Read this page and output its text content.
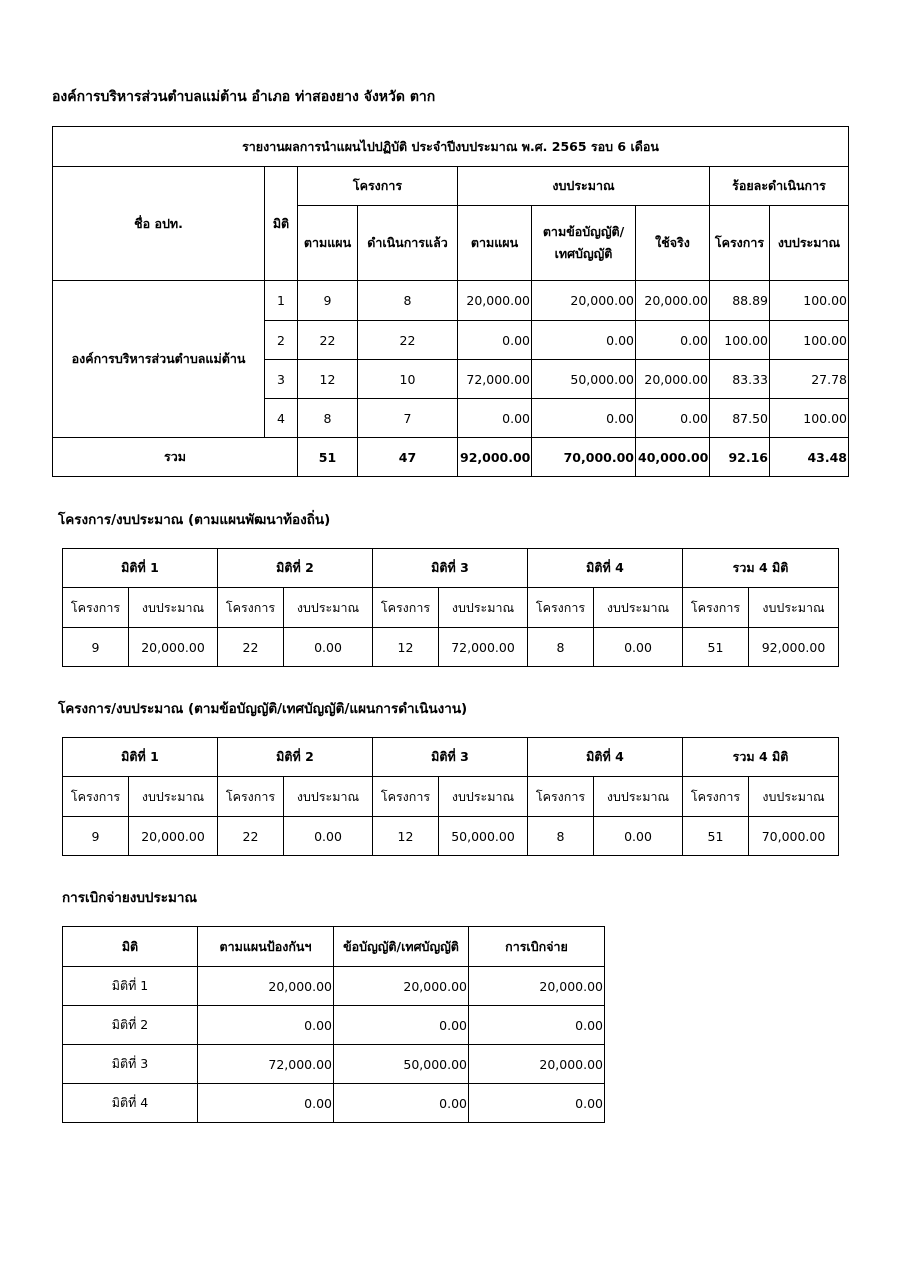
องค์การบริหารส่วนตำบลแม่ต้าน อำเภอ ท่าสองยาง จังหวัด ตาก
รายงานผลการนำแผนไปปฏิบัติ ประจำปีงบประมาณ พ.ศ. 2565 รอบ 6 เดือน								
ชื่อ อปท.	มิติ	โครงการ		งบประมาณ			ร้อยละดำเนินการ	
		ตามแผน	ดำเนินการแล้ว	ตามแผน	ตามข้อบัญญัติ/เทศบัญญัติ	ใช้จริง	โครงการ	งบประมาณ
องค์การบริหารส่วนตำบลแม่ต้าน	1	9	8	20,000.00	20,000.00	20,000.00	88.89	100.00
	2	22	22	0.00	0.00	0.00	100.00	100.00
	3	12	10	72,000.00	50,000.00	20,000.00	83.33	27.78
	4	8	7	0.00	0.00	0.00	87.50	100.00
รวม		51	47	92,000.00	70,000.00	40,000.00	92.16	43.48
โครงการ/งบประมาณ (ตามแผนพัฒนาท้องถิ่น)
มิติที่ 1		มิติที่ 2		มิติที่ 3		มิติที่ 4		รวม 4 มิติ	
โครงการ	งบประมาณ	โครงการ	งบประมาณ	โครงการ	งบประมาณ	โครงการ	งบประมาณ	โครงการ	งบประมาณ
9	20,000.00	22	0.00	12	72,000.00	8	0.00	51	92,000.00
โครงการ/งบประมาณ (ตามข้อบัญญัติ/เทศบัญญัติ/แผนการดำเนินงาน)
มิติที่ 1		มิติที่ 2		มิติที่ 3		มิติที่ 4		รวม 4 มิติ	
โครงการ	งบประมาณ	โครงการ	งบประมาณ	โครงการ	งบประมาณ	โครงการ	งบประมาณ	โครงการ	งบประมาณ
9	20,000.00	22	0.00	12	50,000.00	8	0.00	51	70,000.00
การเบิกจ่ายงบประมาณ
มิติ	ตามแผนป้องกันฯ	ข้อบัญญัติ/เทศบัญญัติ	การเบิกจ่าย
มิติที่ 1	20,000.00	20,000.00	20,000.00
มิติที่ 2	0.00	0.00	0.00
มิติที่ 3	72,000.00	50,000.00	20,000.00
มิติที่ 4	0.00	0.00	0.00
